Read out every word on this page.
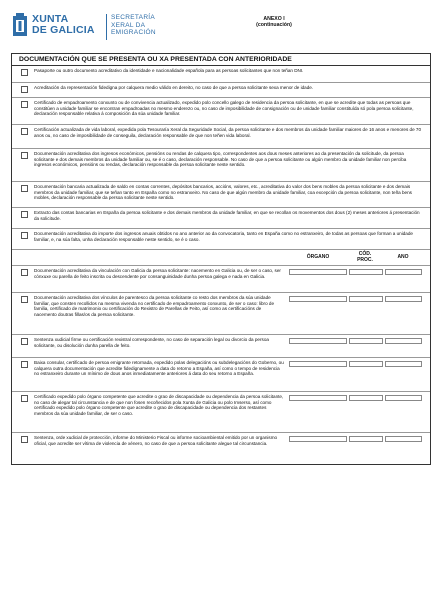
XUNTA
DE GALICIA
SECRETARÍA
XERAL DA
EMIGRACIÓN
ANEXO I
(continuación)
DOCUMENTACIÓN QUE SE PRESENTA OU XA PRESENTADA CON ANTERIORIDADE
Pasaporte ou outro documento acreditativo da identidade e nacionalidade española para as persoas solicitantes que non teñan DNI.
Acreditación da representación fidedigna por calquera medio válido en dereito, no caso de que a persoa solicitante sexa menor de idade.
Certificado de empadroamento conxunto ou de convivencia actualizado, expedido polo concello galego de residencia da persoa solicitante, en que se acredite que todas as persoas que constitúen a unidade familiar se encontran empadroadas no mesmo enderezo ou, no caso de imposibilidade de consignación ou de unidade familiar constituída só pola persoa solicitante, declaración responsable relativa á composición da súa unidade familiar.
Certificación actualizada de vida laboral, expedida pola Tesouraría Xeral da Seguridade Social, da persoa solicitante e dos membros da unidade familiar maiores de 16 anos e menores de 70 anos ou, no caso de imposibilidade de conseguila, declaración responsable de que non teñen vida laboral.
Documentación acreditativa dos ingresos económicos, pensións ou rendas de calquera tipo, correspondentes aos dous meses anteriores ao da presentación da solicitude, da persoa solicitante e dos demais membros da unidade familiar ou, se é o caso, declaración responsable. No caso de que a persoa solicitante ou algún membro da unidade familiar non perciba ingresos económicos, pensións ou rendas, declaración responsable da persoa solicitante neste sentido.
Documentación bancaria actualizada de saldo en contas correntes, depósitos bancarios, accións, valores, etc., acreditativa do valor dos bens mobles da persoa solicitante e dos demais membros da unidade familiar, que se teñan tanto en España como no estranxeiro. No caso de que algún membro da unidade familiar, coa excepción da persoa solicitante, non teña bens mobles, declaración responsable da persoa solicitante neste sentido.
Extracto das contas bancarias en España da persoa solicitante e dos demais membros da unidade familiar, en que se recollan os movementos dos dous (2) meses anteriores á presentación da solicitude.
Documentación acreditativa do importe dos ingresos anuais obtidos no ano anterior ao da convocatoria, tanto en España como no estranxeiro, de todas as persoas que forman a unidade familiar, e, na súa falta, unha declaración responsable neste sentido, se é o caso.
ÓRGANO	CÓD. PROC.	ANO
Documentación acreditativa da vinculación con Galicia da persoa solicitante: nacemento en Galicia ou, de ser o caso, ser cónxuxe ou parella de feito inscrita ou descendente por consanguinidade dunha persoa galega e nada en Galicia.
Documentación acreditativa dos vínculos de parentesco da persoa solicitante co resto dos membros da súa unidade familiar, que consten recollidos na mesma vivenda no certificado de empadroamento conxunto, de ser o caso: libro de familia, certificado de matrimonio ou certificación do Rexistro de Parellas de Feito, así como as certificacións de nacemento doutras fillas/os da persoa solicitante.
Sentenza xudicial firme ou certificación rexistral correspondente, no caso de separación legal ou divorcio da persoa solicitante, ou disolución dunha parella de feito.
Baixa consular, certificado de persoa emigrante retornada, expedido polas delegacións ou subdelegacións do Goberno, ou calquera outra documentación que acredite fidedignamente a data do retorno a España, así como o tempo de residencia no estranxeiro durante un mínimo de dous anos inmediatamente anteriores á data do seu retorno a España.
Certificado expedido polo órgano competente que acredite o grao de discapacidade ou dependencia da persoa solicitante, no caso de alegar tal circunstancia e de que non fosen recoñecidos pola Xunta de Galicia ou polo Imserso, así como certificado expedido polo órgano competente que acredite o grao de discapacidade ou dependencia dos restantes membros da súa unidade familiar, de ser o caso.
Sentenza, orde xudicial de protección, informe do Ministerio Fiscal ou informe socioambiental emitido por un organismo oficial, que acredite ser vítima de violencia de xénero, no caso de que a persoa solicitante alegue tal circunstancia.
